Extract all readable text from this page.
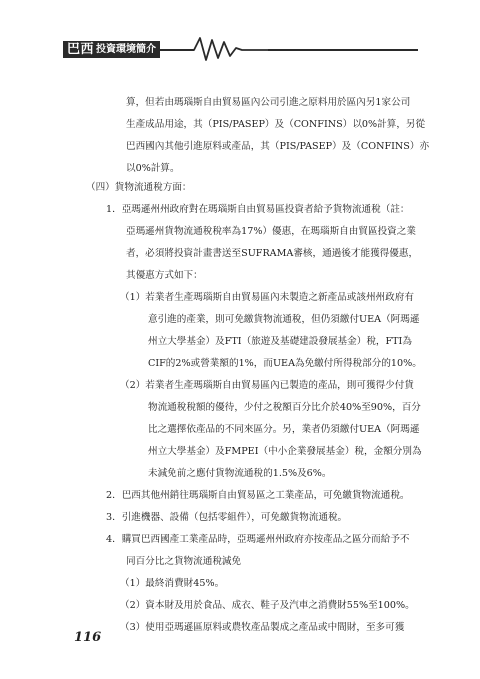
巴西 投資環境簡介
算，但若由瑪瑙斯自由貿易區內公司引進之原料用於區內另1家公司
生產成品用途，其（PIS/PASEP）及（CONFINS）以0%計算，另從
巴西國內其他引進原料或產品，其（PIS/PASEP）及（CONFINS）亦
以0%計算。
（四）貨物流通稅方面：
1．亞瑪遜州州政府對在瑪瑙斯自由貿易區投資者給予貨物流通稅（註：
亞瑪遜州貨物流通稅稅率為17%）優惠，在瑪瑙斯自由貿區投資之業
者，必須將投資計畫書送至SUFRAMA審核，通過後才能獲得優惠，
其優惠方式如下：
（1）若業者生產瑪瑙斯自由貿易區內未製造之新產品或該州州政府有
意引進的產業，則可免繳貨物流通稅，但仍須繳付UEA（阿瑪遜
州立大學基金）及FTI（旅遊及基礎建設發展基金）稅，FTI為
CIF的2%或營業額的1%，而UEA為免繳付所得稅部分的10%。
（2）若業者生產瑪瑙斯自由貿易區內已製造的產品，則可獲得少付貨
物流通稅稅額的優待，少付之稅額百分比介於40%至90%，百分
比之選擇依產品的不同來區分。另，業者仍須繳付UEA（阿瑪遜
州立大學基金）及FMPEI（中小企業發展基金）稅，金額分別為
未減免前之應付貨物流通稅的1.5%及6%。
2．巴西其他州銷往瑪瑙斯自由貿易區之工業產品，可免繳貨物流通稅。
3．引進機器、設備（包括零組件），可免繳貨物流通稅。
4．購買巴西國產工業產品時，亞瑪遜州州政府亦按產品之區分而給予不
同百分比之貨物流通稅減免
（1）最終消費財45%。
（2）資本財及用於食品、成衣、鞋子及汽車之消費財55%至100%。
（3）使用亞瑪遜區原料或農牧產品製成之產品或中間財，至多可獲
116
